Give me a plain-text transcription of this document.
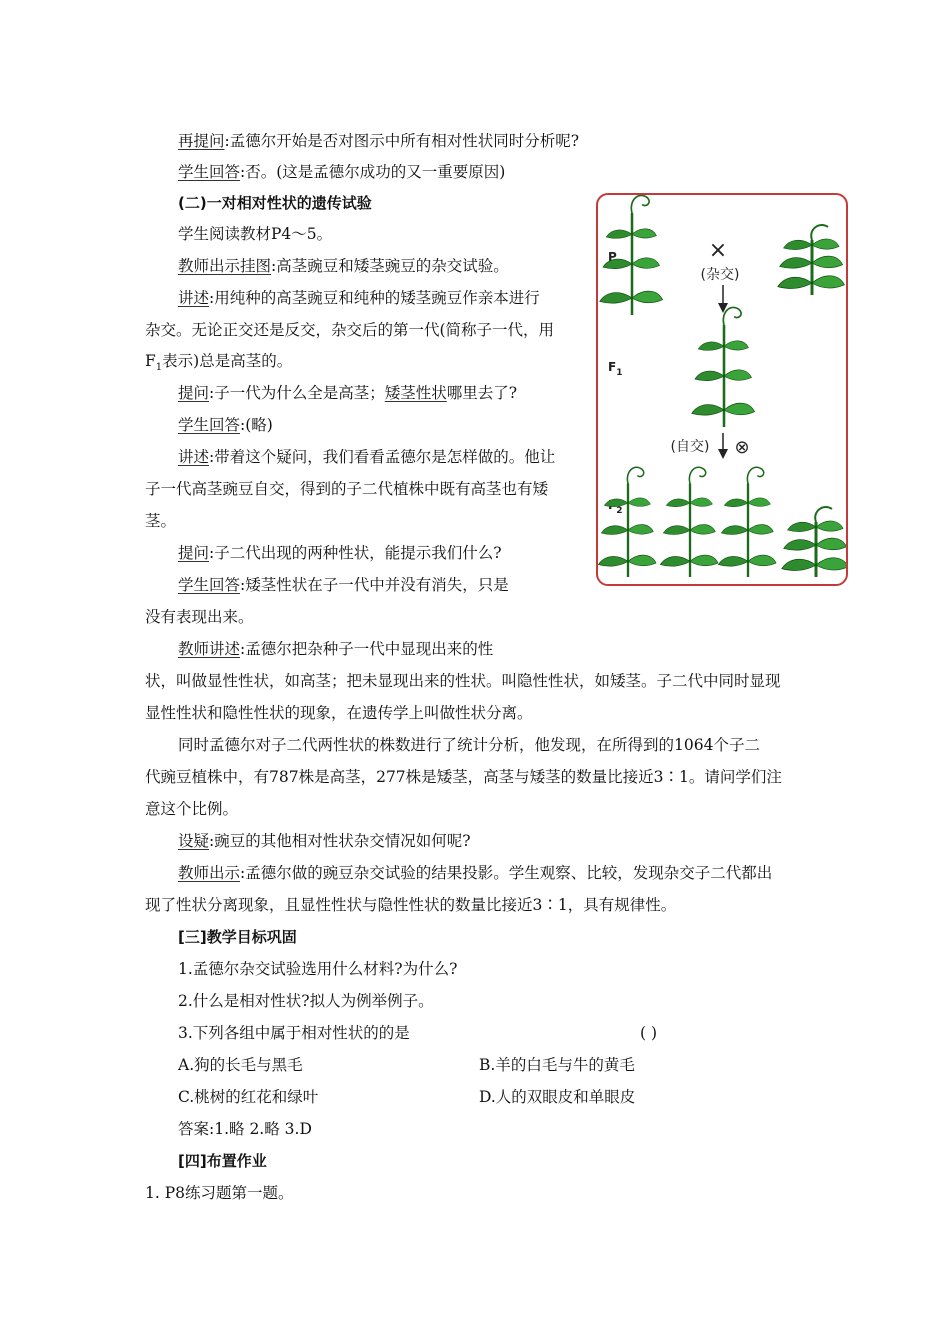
再提问:孟德尔开始是否对图示中所有相对性状同时分析呢?
学生回答:否。(这是孟德尔成功的又一重要原因)
(二)一对相对性状的遗传试验
学生阅读教材P4～5。
教师出示挂图:高茎豌豆和矮茎豌豆的杂交试验。
讲述:用纯种的高茎豌豆和纯种的矮茎豌豆作亲本进行
杂交。无论正交还是反交，杂交后的第一代(简称子一代，用
$F_1$表示)总是高茎的。
提问:子一代为什么全是高茎；矮茎性状哪里去了?
学生回答:(略)
讲述:带着这个疑问，我们看看孟德尔是怎样做的。他让
子一代高茎豌豆自交，得到的子二代植株中既有高茎也有矮
茎。
提问:子二代出现的两种性状，能提示我们什么?
学生回答:矮茎性状在子一代中并没有消失，只是
没有表现出来。
教师讲述:孟德尔把杂种子一代中显现出来的性
状，叫做显性性状，如高茎；把未显现出来的性状。叫隐性性状，如矮茎。子二代中同时显现
显性性状和隐性性状的现象，在遗传学上叫做性状分离。
同时孟德尔对子二代两性状的株数进行了统计分析，他发现，在所得到的1064个子二
代豌豆植株中，有787株是高茎，277株是矮茎，高茎与矮茎的数量比接近3∶1。请问学们注
意这个比例。
设疑:豌豆的其他相对性状杂交情况如何呢?
教师出示:孟德尔做的豌豆杂交试验的结果投影。学生观察、比较，发现杂交子二代都出
现了性状分离现象，且显性性状与隐性性状的数量比接近3∶1，具有规律性。
[三]教学目标巩固
1.孟德尔杂交试验选用什么材料?为什么?
2.什么是相对性状?拟人为例举例子。
3.下列各组中属于相对性状的的是	( )
A.狗的长毛与黑毛	B.羊的白毛与牛的黄毛
C.桃树的红花和绿叶	D.人的双眼皮和单眼皮
答案:1.略 2.略 3.D
[四]布置作业
1. P8练习题第一题。
P	×
(杂交)
$F_1$
(自交) ⊗
$_2$
